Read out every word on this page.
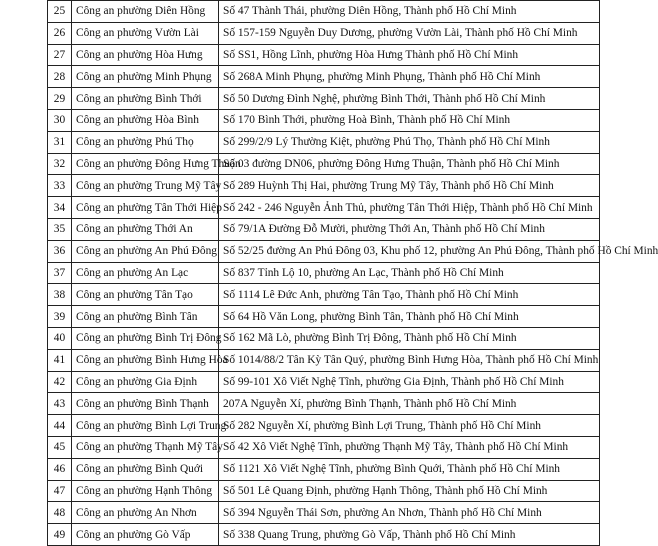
25	Công an phường Diên Hồng	Số 47 Thành Thái, phường Diên Hồng, Thành phố Hồ Chí Minh
26	Công an phường Vườn Lài	Số 157-159 Nguyễn Duy Dương, phường Vườn Lài, Thành phố Hồ Chí Minh
27	Công an phường Hòa Hưng	Số SS1, Hồng Lĩnh, phường Hòa Hưng Thành phố Hồ Chí Minh
28	Công an phường Minh Phụng	Số 268A Minh Phụng, phường Minh Phụng, Thành phố Hồ Chí Minh
29	Công an phường Bình Thới	Số 50 Dương Đình Nghệ, phường Bình Thới, Thành phố Hồ Chí Minh
30	Công an phường Hòa Bình	Số 170 Bình Thới, phường Hoà Bình, Thành phố Hồ Chí Minh
31	Công an phường Phú Thọ	Số 299/2/9 Lý Thường Kiệt, phường Phú Thọ, Thành phố Hồ Chí Minh
32	Công an phường Đông Hưng Thuận	Số 03 đường DN06, phường Đông Hưng Thuận, Thành phố Hồ Chí Minh
33	Công an phường Trung Mỹ Tây	Số 289 Huỳnh Thị Hai, phường Trung Mỹ Tây, Thành phố Hồ Chí Minh
34	Công an phường Tân Thới Hiệp	Số 242 - 246 Nguyễn Ảnh Thủ, phường Tân Thới Hiệp, Thành phố Hồ Chí Minh
35	Công an phường Thới An	Số 79/1A Đường Đỗ Mười, phường Thới An, Thành phố Hồ Chí Minh
36	Công an phường An Phú Đông	Số 52/25 đường An Phú Đông 03, Khu phố 12, phường An Phú Đông, Thành phố Hồ Chí Minh
37	Công an phường An Lạc	Số 837 Tỉnh Lộ 10, phường An Lạc, Thành phố Hồ Chí Minh
38	Công an phường Tân Tạo	Số 1114 Lê Đức Anh, phường Tân Tạo, Thành phố Hồ Chí Minh
39	Công an phường Bình Tân	Số 64 Hồ Văn Long, phường Bình Tân, Thành phố Hồ Chí Minh
40	Công an phường Bình Trị Đông	Số 162 Mã Lò, phường Bình Trị Đông, Thành phố Hồ Chí Minh
41	Công an phường Bình Hưng Hòa	Số 1014/88/2 Tân Kỳ Tân Quý, phường Bình Hưng Hòa, Thành phố Hồ Chí Minh
42	Công an phường Gia Định	Số 99-101 Xô Viết Nghệ Tĩnh, phường Gia Định, Thành phố Hồ Chí Minh
43	Công an phường Bình Thạnh	207A Nguyễn Xí, phường Bình Thạnh, Thành phố Hồ Chí Minh
44	Công an phường Bình Lợi Trung	Số 282 Nguyễn Xí, phường Bình Lợi Trung, Thành phố Hồ Chí Minh
45	Công an phường Thạnh Mỹ Tây	Số 42 Xô Viết Nghệ Tĩnh, phường Thạnh Mỹ Tây, Thành phố Hồ Chí Minh
46	Công an phường Bình Quới	Số 1121 Xô Viết Nghệ Tĩnh, phường Bình Quới, Thành phố Hồ Chí Minh
47	Công an phường Hạnh Thông	Số 501 Lê Quang Định, phường Hạnh Thông, Thành phố Hồ Chí Minh
48	Công an phường An Nhơn	Số 394 Nguyễn Thái Sơn, phường An Nhơn, Thành phố Hồ Chí Minh
49	Công an phường Gò Vấp	Số 338 Quang Trung, phường Gò Vấp, Thành phố Hồ Chí Minh
